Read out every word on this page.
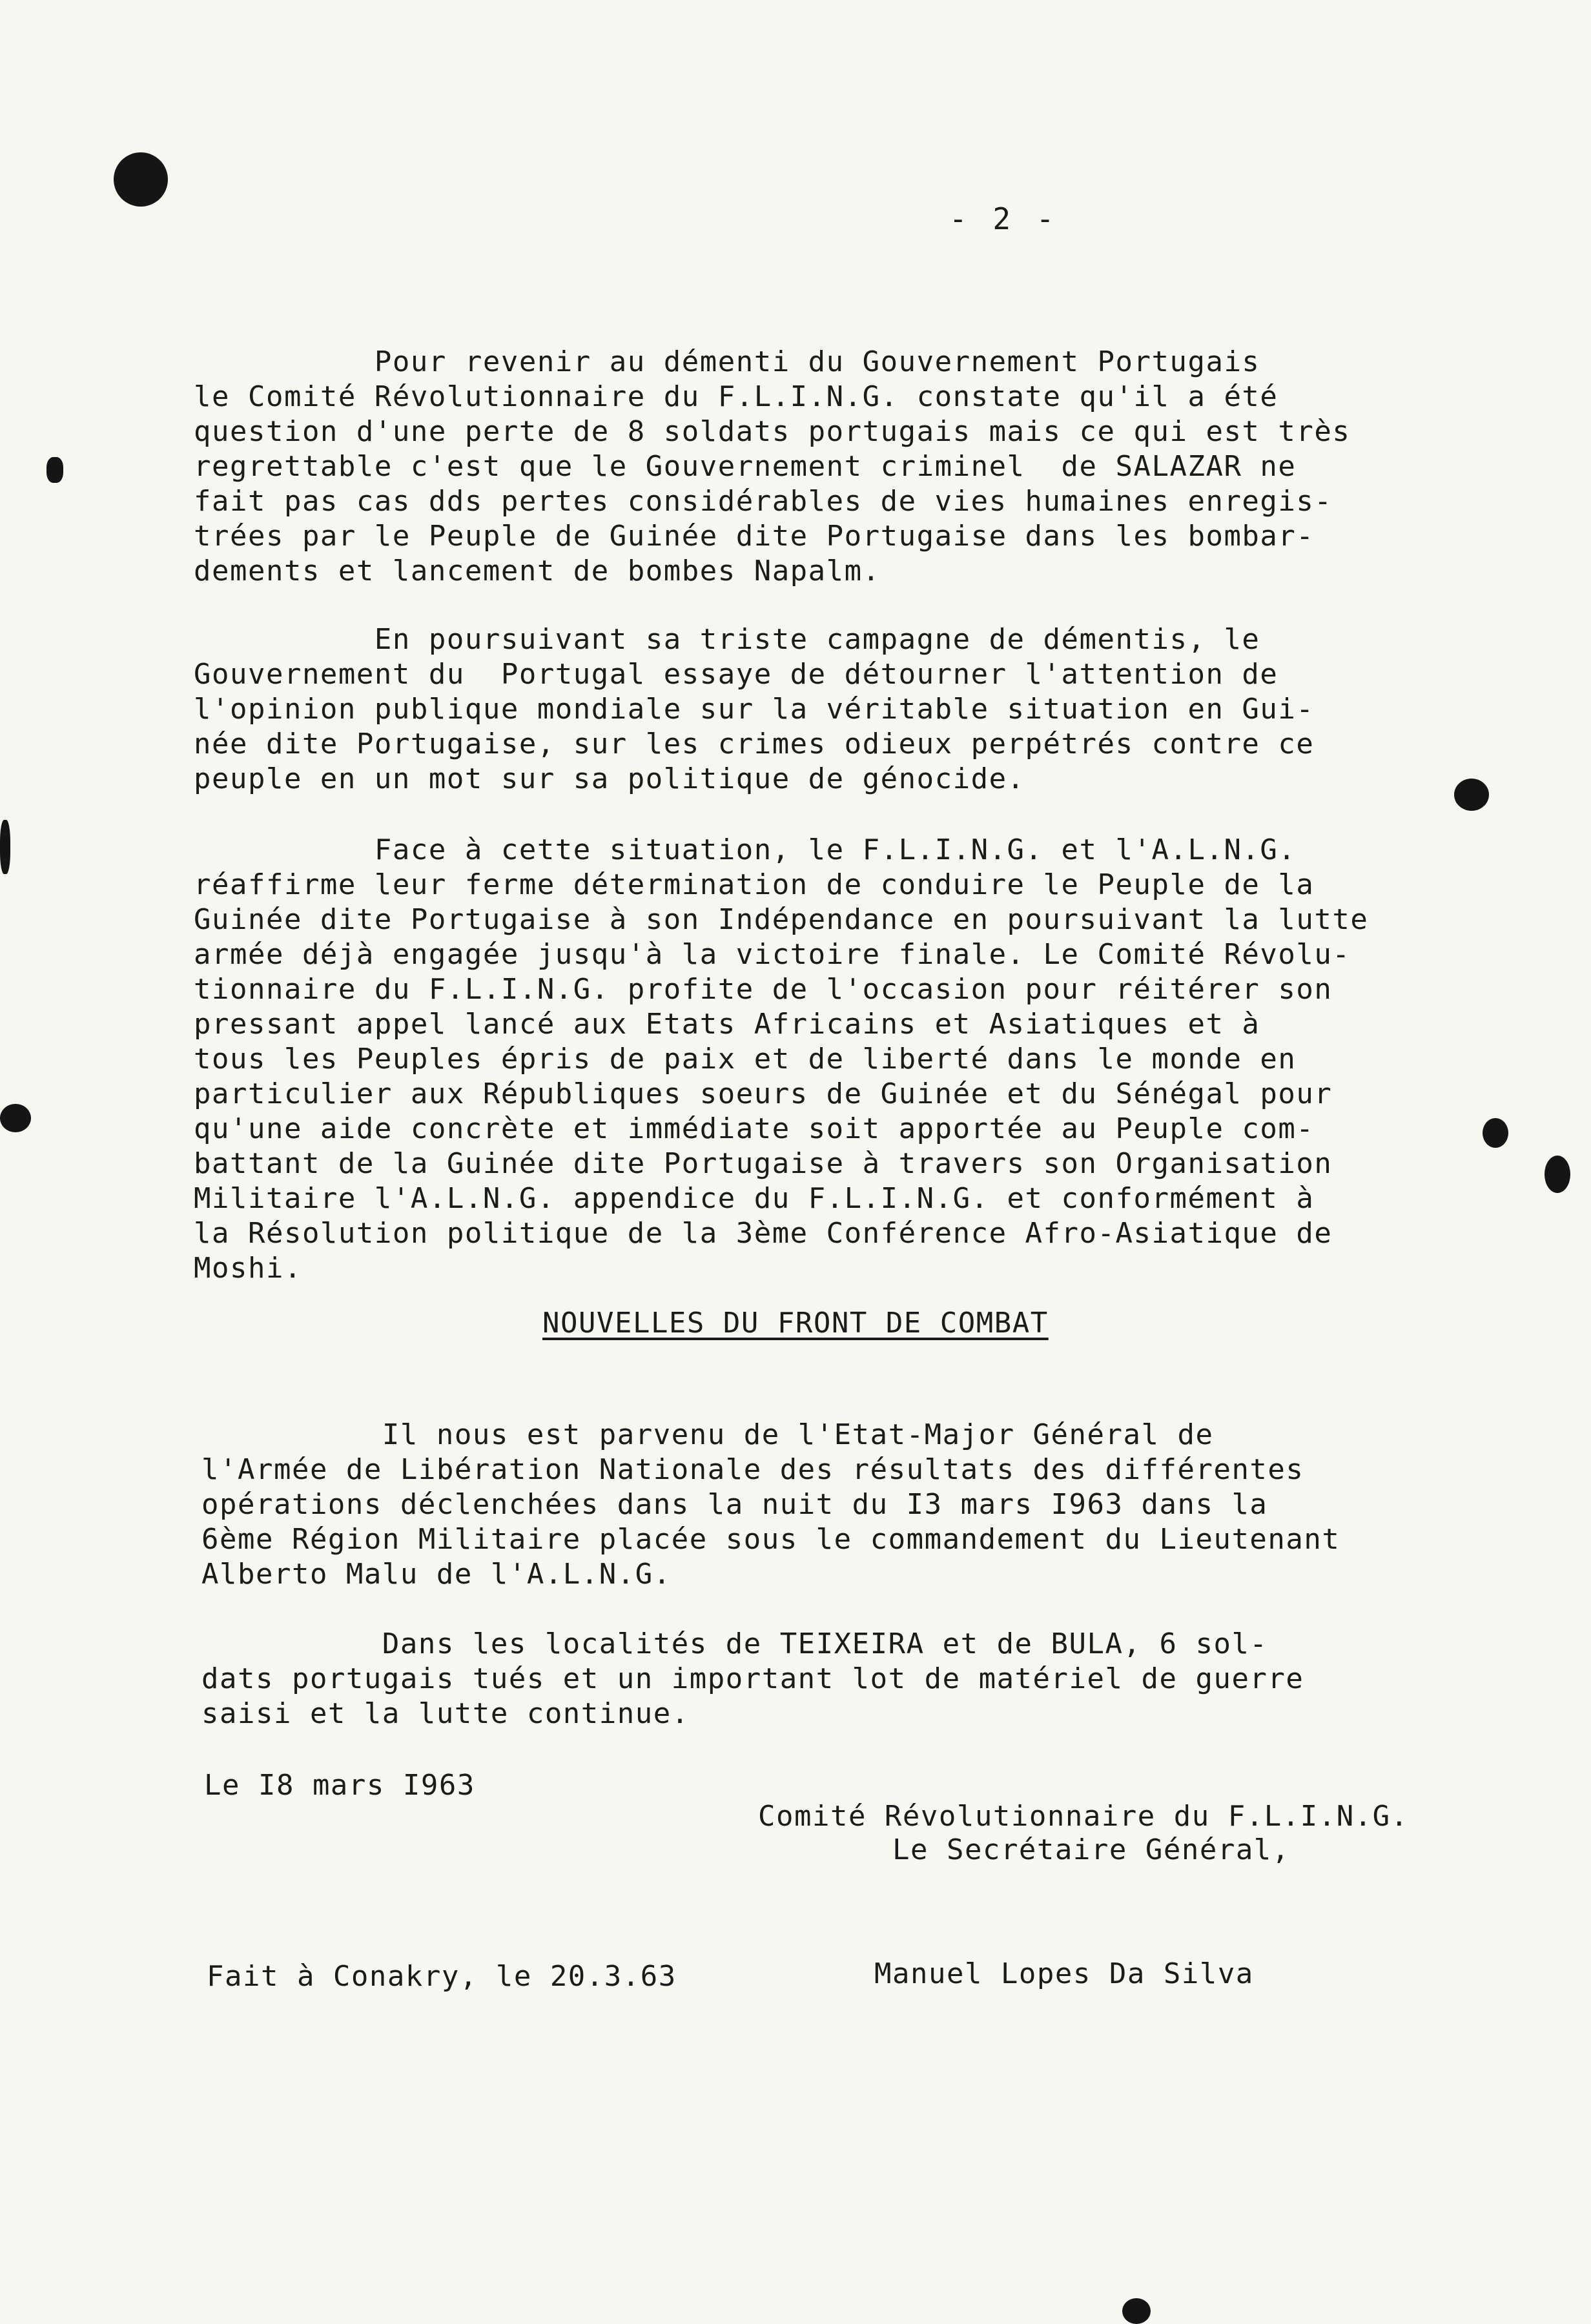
- 2 -

Pour revenir au démenti du Gouvernement Portugais
le Comité Révolutionnaire du F.L.I.N.G. constate qu'il a été
question d'une perte de 8 soldats portugais mais ce qui est très
regrettable c'est que le Gouvernement criminel  de SALAZAR ne
fait pas cas dds pertes considérables de vies humaines enregis-
trées par le Peuple de Guinée dite Portugaise dans les bombar-
dements et lancement de bombes Napalm.

En poursuivant sa triste campagne de démentis, le
Gouvernement du  Portugal essaye de détourner l'attention de
l'opinion publique mondiale sur la véritable situation en Gui-
née dite Portugaise, sur les crimes odieux perpétrés contre ce
peuple en un mot sur sa politique de génocide.

Face à cette situation, le F.L.I.N.G. et l'A.L.N.G.
réaffirme leur ferme détermination de conduire le Peuple de la
Guinée dite Portugaise à son Indépendance en poursuivant la lutte
armée déjà engagée jusqu'à la victoire finale. Le Comité Révolu-
tionnaire du F.L.I.N.G. profite de l'occasion pour réitérer son
pressant appel lancé aux Etats Africains et Asiatiques et à
tous les Peuples épris de paix et de liberté dans le monde en
particulier aux Républiques soeurs de Guinée et du Sénégal pour
qu'une aide concrète et immédiate soit apportée au Peuple com-
battant de la Guinée dite Portugaise à travers son Organisation
Militaire l'A.L.N.G. appendice du F.L.I.N.G. et conformément à
la Résolution politique de la 3ème Conférence Afro-Asiatique de
Moshi.

NOUVELLES DU FRONT DE COMBAT

Il nous est parvenu de l'Etat-Major Général de
l'Armée de Libération Nationale des résultats des différentes
opérations déclenchées dans la nuit du I3 mars I963 dans la
6ème Région Militaire placée sous le commandement du Lieutenant
Alberto Malu de l'A.L.N.G.

Dans les localités de TEIXEIRA et de BULA, 6 sol-
dats portugais tués et un important lot de matériel de guerre
saisi et la lutte continue.

Le I8 mars I963
Comité Révolutionnaire du F.L.I.N.G.
Le Secrétaire Général,
Fait à Conakry, le 20.3.63	Manuel Lopes Da Silva
